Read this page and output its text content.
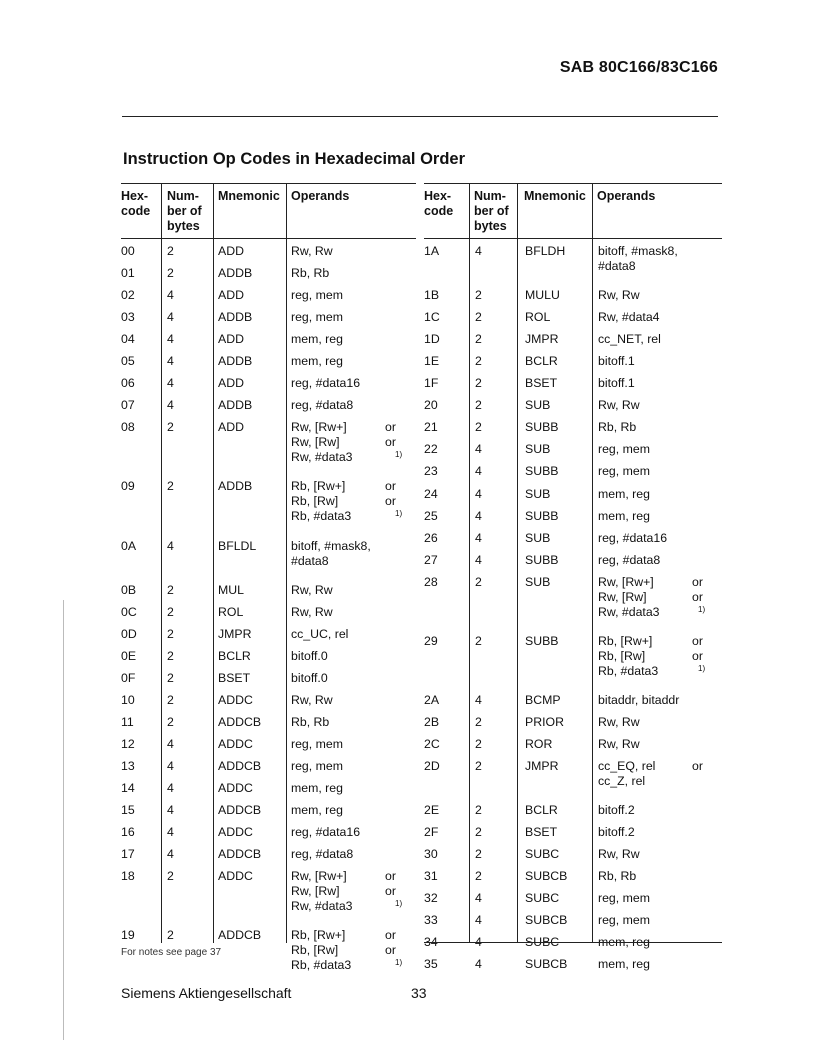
SAB 80C166/83C166
Instruction Op Codes in Hexadecimal Order
Hex-
code
Num-
ber of
bytes
Mnemonic Operands
00	2	ADD	Rw, Rw
01	2	ADDB	Rb, Rb
02	4	ADD	reg, mem
03	4	ADDB	reg, mem
04	4	ADD	mem, reg
05	4	ADDB	mem, reg
06	4	ADD	reg, #data16
07	4	ADDB	reg, #data8
08	2	ADD	Rw, [Rw+]	or
Rw, [Rw]	or
Rw, #data3	1)
09	2	ADDB	Rb, [Rw+]	or
Rb, [Rw]	or
Rb, #data3	1)
0A	4	BFLDL	bitoff, #mask8,
#data8
0B	2	MUL	Rw, Rw
0C 2	ROL	Rw, Rw
0D 2	JMPR	cc_UC, rel
0E	2	BCLR	bitoff.0
0F	2	BSET	bitoff.0
10	2	ADDC	Rw, Rw
11	2	ADDCB Rb, Rb
12	4	ADDC	reg, mem
13	4	ADDCB reg, mem
14	4	ADDC	mem, reg
15	4	ADDCB mem, reg
16	4	ADDC	reg, #data16
17	4	ADDCB reg, #data8
18	2	ADDC	Rw, [Rw+]	or
Rw, [Rw]	or
Rw, #data3	1)
19	2	ADDCB Rb, [Rw+]	or
Rb, [Rw]	or
Rb, #data3	1)
Hex-
code
Num-
ber of
bytes
Mnemonic Operands
1A	4	BFLDH	bitoff, #mask8,
#data8
1B	2	MULU	Rw, Rw
1C	2	ROL	Rw, #data4
1D	2	JMPR	cc_NET, rel
1E	2	BCLR	bitoff.1
1F	2	BSET	bitoff.1
20	2	SUB	Rw, Rw
21	2	SUBB	Rb, Rb
22	4	SUB	reg, mem
23	4	SUBB	reg, mem
24	4	SUB	mem, reg
25	4	SUBB	mem, reg
26	4	SUB	reg, #data16
27	4	SUBB	reg, #data8
28	2	SUB	Rw, [Rw+]	or
Rw, [Rw]	or
Rw, #data3	1)
29	2	SUBB	Rb, [Rw+]	or
Rb, [Rw]	or
Rb, #data3	1)
2A	4	BCMP	bitaddr, bitaddr
2B	2	PRIOR	Rw, Rw
2C	2	ROR	Rw, Rw
2D	2	JMPR	cc_EQ, rel	or
cc_Z, rel
2E	2	BCLR	bitoff.2
2F	2	BSET	bitoff.2
30	2	SUBC	Rw, Rw
31	2	SUBCB Rb, Rb
32	4	SUBC	reg, mem
33	4	SUBCB reg, mem
34	4	SUBC	mem, reg
35	4	SUBCB mem, reg
For notes see page 37
Siemens Aktiengesellschaft	33
